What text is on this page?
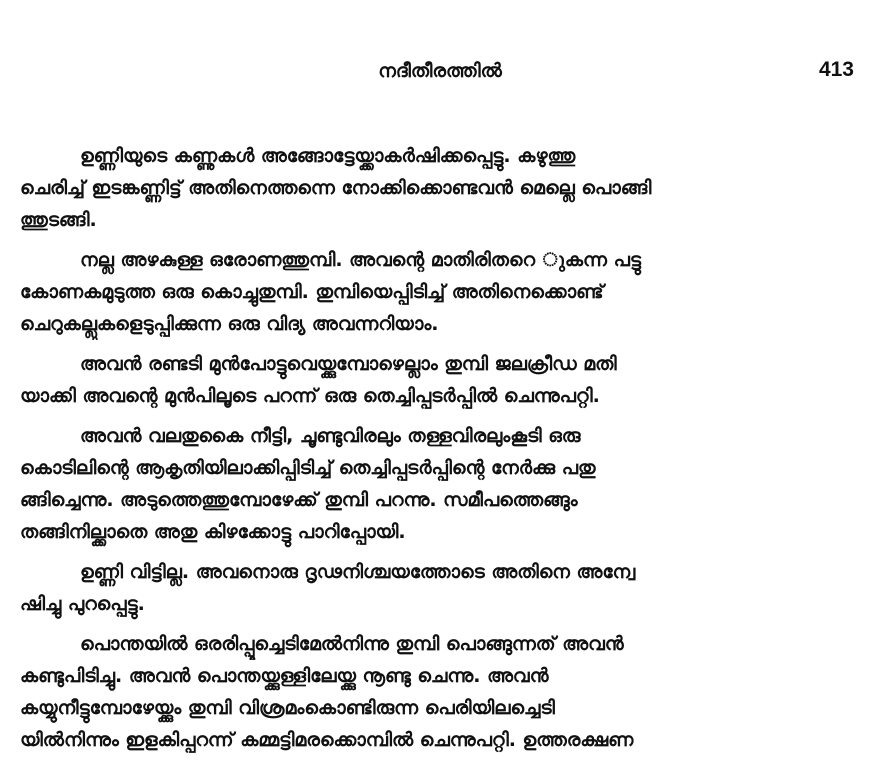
നദീതീരത്തിൽ	413

ഉണ്ണിയുടെ കണ്ണുകൾ അങ്ങോട്ടേയ്ക്കാകർഷിക്കപ്പെട്ടു. കഴുത്തു
ചെരിച്ച് ഇടങ്കണ്ണിട്ട് അതിനെത്തന്നെ നോക്കിക്കൊണ്ടവൻ മെല്ലെ പൊങ്ങി
ത്തുടങ്ങി.

നല്ല അഴകുള്ള ഒരോണത്തുമ്പി. അവന്റെ മാതിരിതറെ ുകന്ന പട്ടു
കോണകമുടുത്ത ഒരു കൊച്ചുതുമ്പി. തുമ്പിയെപ്പിടിച്ച് അതിനെക്കൊണ്ട്
ചെറുകല്ലുകളെടുപ്പിക്കുന്ന ഒരു വിദ്യ അവന്നറിയാം.

അവൻ രണ്ടടി മുൻപോട്ടുവെയ്ക്കുമ്പോഴെല്ലാം തുമ്പി ജലക്രീഡ മതി
യാക്കി അവന്റെ മുൻപിലൂടെ പറന്ന് ഒരു തെച്ചിപ്പടർപ്പിൽ ചെന്നുപറ്റി.

അവൻ വലതുകൈ നീട്ടി, ചൂണ്ടുവിരലും തള്ളവിരലുംകൂടി ഒരു
കൊടിലിന്റെ ആകൃതിയിലാക്കിപ്പിടിച്ച് തെച്ചിപ്പടർപ്പിന്റെ നേർക്കു പതു
ങ്ങിച്ചെന്നു. അടുത്തെത്തുമ്പോഴേക്ക് തുമ്പി പറന്നു. സമീപത്തെങ്ങും
തങ്ങിനില്ക്കാതെ അതു കിഴക്കോട്ടു പാറിപ്പോയി.

ഉണ്ണി വിട്ടില്ല. അവനൊരു ദൃഢനിശ്ചയത്തോടെ അതിനെ അന്വേ
ഷിച്ചു പുറപ്പെട്ടു.

പൊന്തയിൽ ഒരരിപ്പൂച്ചെടിമേൽനിന്നു തുമ്പി പൊങ്ങുന്നത് അവൻ
കണ്ടുപിടിച്ചു. അവൻ പൊന്തയ്ക്കുള്ളിലേയ്ക്കു നൂണ്ടു ചെന്നു. അവൻ
കയ്യുനീട്ടുമ്പോഴേയ്ക്കും തുമ്പി വിശ്രമംകൊണ്ടിരുന്ന പെരിയിലച്ചെടി
യിൽനിന്നും ഇളകിപ്പറന്ന് കമ്മട്ടിമരക്കൊമ്പിൽ ചെന്നുപറ്റി. ഉത്തരക്ഷണ
